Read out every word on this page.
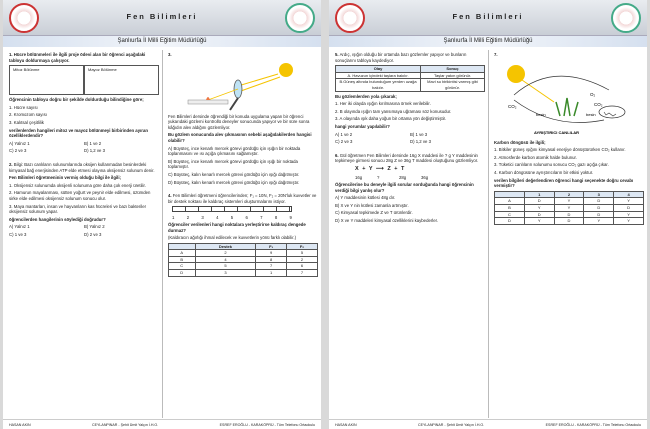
Fen Bilimleri
Şanlıurfa İl Milli Eğitim Müdürlüğü

1. Hücre bölünmeleri ile ilgili proje ödevi alan bir öğrenci aşağıdaki tabloyu doldurmaya çalışıyor.

Mitoz Bölünme	Mayoz Bölünme

Öğrencinin tabloyu doğru bir şekilde doldurduğu bilindiğine göre;

1. Hücre sayısı

2. Kromozom sayısı

3. Kalıtsal çeşitlilik

verilenlerden hangileri mitoz ve mayoz bölünmeyi birbirinden ayıran özelliklerdendir?

A) Yalnız 1	B) 1 ve 2
C) 2 ve 3	D) 1,2 ve 3

2. Bilgi: Bazı canlıların solunumlarında oksijen kullanmadan besinlerdeki kimyasal bağ enerjisinden ATP elde etmesi olayına oksijensiz solunum denir.

Fen Bilimleri öğretmeninin vermiş olduğu bilgi ile ilgili;

1. Oksijensiz solunumda oksijenli solunuma göre daha çok enerji üretilir.

2. Hamurun mayalanması, sütten yoğurt ve peynir elde edilmesi, üzümden sirke elde edilmesi oksijensiz solunum sonucu olur.

3. Maya mantarları, insan ve hayvanların kas hücreleri ve bazı bakteriler oksijensiz solunum yapar.

öğrencilerden hangilerinin söylediği doğrudur?

A) Yalnız 1	B) Yalnız 2
C) 1 ve 3	D) 2 ve 3

3.

Fen Bilimleri dersinde öğrendiği bir konuda uygulama yapan bir öğrenci yukarıdaki gözlemi kontrollü deneyler sonucunda yapıyor ve bir süre sonra kâğıdın alev aldığını gözlemliyor.

Bu gözlem sonucunda alev çıkmasının sebebi aşağıdakilerden hangisi olabilir?

A) Büyüteç, ince kenarlı mercek görevi gördüğü için ışığın bir noktada toplanmasını ve ısı açığa çıkmasını sağlamıştır.

B) Büyüteç, ince kenarlı mercek görevi gördüğü için ışığı bir noktada toplamıştır.

C) Büyüteç, kalın kenarlı mercek görevi gördüğü için ışığı dağıtmıştır.

D) Büyüteç, kalın kenarlı mercek görevi gördüğü için ışığı dağıtmıştır.

4. Fen Bilimleri öğretmeni öğrencilerinden; F₁ = 10N, F₂ = 20N'luk kuvvetler ve bir destek noktası ile kaldıraç sistemleri oluşturmalarını istiyor.

1	2	3	4	5	6	7	8	9

Öğrenciler verilenleri hangi noktalara yerleştirirse kaldıraç dengede durmaz?

(Kaldıracın ağırlığı ihmal edilecek ve kuvvetlerin yönü farklı olabilir.)

	Destek	F₁	F₂
A	2	9	5
B	4	8	2
C	5	7	6
D	3	1	7
HASAN AKIN	CEYLANPINAR - Şehit Ümit Yalçın İ.H.O.	ESREF EROĞLU - KARAKÖPRÜ - Tüm Telefonu Ortaokulu
Fen Bilimleri
Şanlıurfa İl Milli Eğitim Müdürlüğü

5. Ardıç, ışığın olduğu bir ortamda bazı gözlemler yapıyor ve bunların sonuçlarını tabloya kaydediyor.

Olay	Sonuç
A. Havuzun içindeki taşlara bakılır.	Taşlar yakın görünür.
B.Güneş altında bulunduğum yerden uzağa bakılır.	Mavi su birikintisi varmış gibi görünür.

Bu gözlemlerden yola çıkarak;

1. Her iki olayda ışığın kırılmasına örnek verilebilir.

2. B olayında ışığın tam yansımaya uğraması söz konusudur.

3. A olayında ışık daha yoğun bir ortama yön değiştirmiştir.

hangi yorumlar yapılabilir?

A) 1 ve 2	B) 1 ve 3
C) 2 ve 3	D) 1,2 ve 3

6. Gül öğretmen Fen Bilimleri dersinde 16g X maddesi ile ? g Y maddesinin tepkimeye girmesi sonucu 28g Z ve 36g T maddesi oluştuğunu gözlemliyor.

X + Y ⟶ Z + T
16g	?	28g	36g

Öğrencilerine bu deneyle ilgili sorular sorduğunda hangi öğrencinin verdiği bilgi yanlış olur?

A) Y maddesinin kütlesi 48g dır.

B) X ve Y nin kütlesi zamanla artmıştır.

C) Kimyasal tepkimede Z ve T ürünlerdir.

D) X ve Y maddeleri kimyasal özelliklerini kaybederler.

7.

CO₂
besin
O₂
CO₂
besin
AYRIŞTIRICI CANLILAR

Karbon döngüsü ile ilgili;

1. Bitkiler güneş ışığını kimyasal enerjiye dönüştürürken CO₂ kullanır.

2. Atmosferde karbon atomik halde bulunur.

3. Tüketici canlıların solunumu sonucu CO₂ gazı açığa çıkar.

4. Karbon döngüsüne ayrıştırıcıların bir etkisi yoktur.

verilen bilgileri değerlendiren öğrenci hangi seçenekte doğru cevabı vermiştir?

	1	2	3	4
A	D	Y	D	Y
B	Y	Y	D	D
C	D	D	D	Y
D	Y	D	Y	Y
HASAN AKIN	CEYLANPINAR - Şehit Ümit Yalçın İ.H.O.	ESREF EROĞLU - KARAKÖPRÜ - Tüm Telefonu Ortaokulu
